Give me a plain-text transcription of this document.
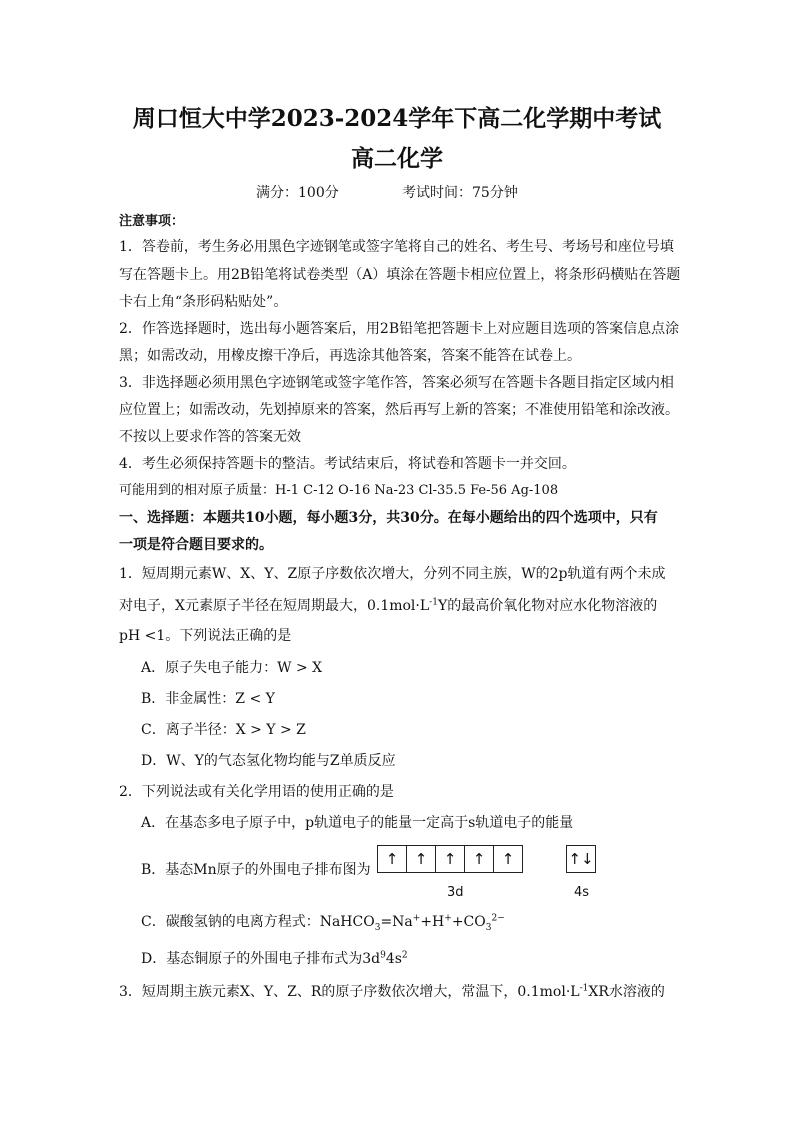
周口恒大中学2023-2024学年下高二化学期中考试
高二化学
满分：100分	考试时间：75分钟
注意事项：
1．答卷前，考生务必用黑色字迹钢笔或签字笔将自己的姓名、考生号、考场号和座位号填
写在答题卡上。用2B铅笔将试卷类型（A）填涂在答题卡相应位置上，将条形码横贴在答题
卡右上角“条形码粘贴处”。
2．作答选择题时，选出每小题答案后，用2B铅笔把答题卡上对应题目选项的答案信息点涂
黑；如需改动，用橡皮擦干净后，再选涂其他答案，答案不能答在试卷上。
3．非选择题必须用黑色字迹钢笔或签字笔作答，答案必须写在答题卡各题目指定区域内相
应位置上；如需改动，先划掉原来的答案，然后再写上新的答案；不准使用铅笔和涂改液。
不按以上要求作答的答案无效
4．考生必须保持答题卡的整洁。考试结束后，将试卷和答题卡一并交回。
可能用到的相对原子质量：H-1 C-12 O-16 Na-23 Cl-35.5 Fe-56 Ag-108
一、选择题：本题共10小题，每小题3分，共30分。在每小题给出的四个选项中，只有
一项是符合题目要求的。
1．短周期元素W、X、Y、Z原子序数依次增大，分列不同主族，W的2p轨道有两个未成
对电子，X元素原子半径在短周期最大，$0.1mol\cdot L^{-1}Y$的最高价氧化物对应水化物溶液的
pH <1。下列说法正确的是
A．原子失电子能力：W > X
B．非金属性：Z < Y
C．离子半径：X > Y > Z
D．W、Y的气态氢化物均能与Z单质反应
2．下列说法或有关化学用语的使用正确的是
A．在基态多电子原子中，p轨道电子的能量一定高于s轨道电子的能量
B．基态Mn原子的外围电子排布图为
↑	↑	↑	↑	↑	↑↓
3d	4s
C．碳酸氢钠的电离方程式：$NaHCO_3=Na^++H^++CO_3^{2-}$
D．基态铜原子的外围电子排布式为$3d^94s^2$
3．短周期主族元素X、Y、Z、R的原子序数依次增大，常温下，$0.1mol\cdot L^{-1}XR$水溶液的
